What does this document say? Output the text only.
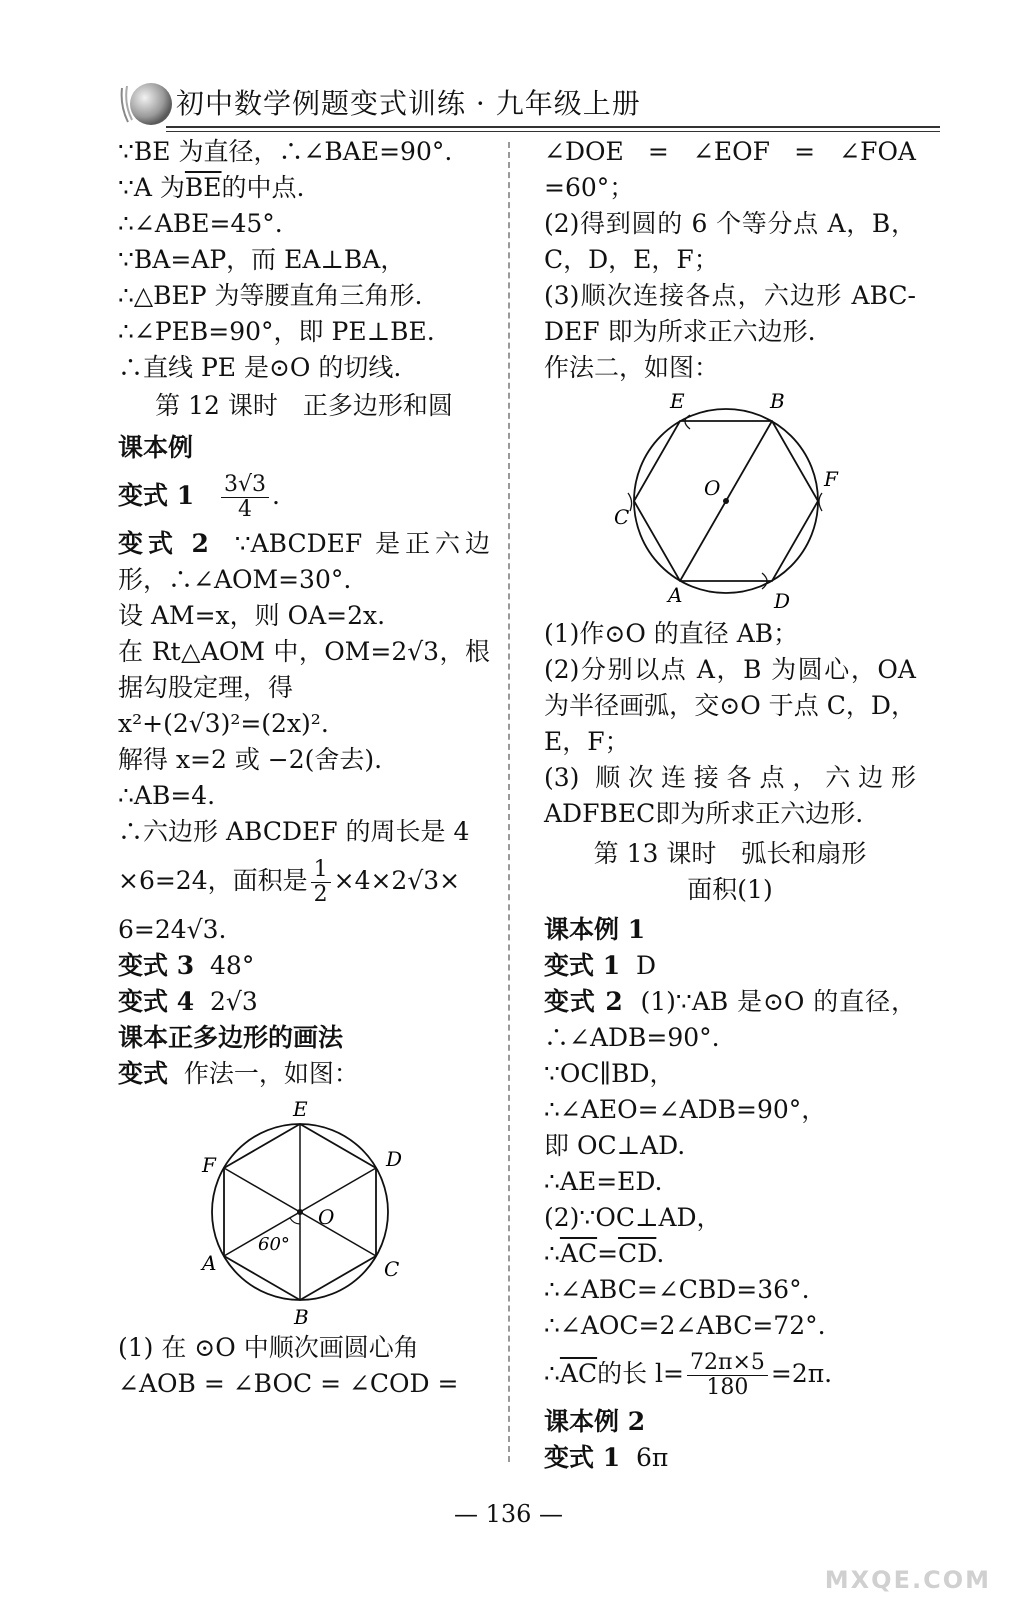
初中数学例题变式训练 · 九年级上册

∵BE 为直径，∴∠BAE=90°.

∵A 为$\overline{BE}$的中点.

∴∠ABE=45°.

∵BA=AP，而 EA⊥BA，

∴△BEP 为等腰直角三角形.

∴∠PEB=90°，即 PE⊥BE.

∴直线 PE 是⊙O 的切线.

第 12 课时　正多边形和圆

课本例

变式 $1 \frac{3√3}{4}$ .

变式 2 ∵ABCDEF 是正六边形，∴∠AOM=30°.

设 AM=x，则 OA=2x.

在 Rt△AOM 中，OM=2√3，根据勾股定理，得

x²+(2√3)²=(2x)².

解得 x=2 或 −2(舍去).

∴AB=4.

∴六边形 ABCDEF 的周长是 4

×6=24，面积是 $\frac{1}{2} \times 4\times 2√3\times$

6=24√3.

变式 3 48°

变式 4 2√3

课本正多边形的画法

变式 作法一，如图：

E
D
F
O
A	C
B
60°

(1) 在 ⊙O 中顺次画圆心角

∠AOB = ∠BOC = ∠COD =

∠DOE = ∠EOF = ∠FOA =60°；

(2)得到圆的 6 个等分点 A，B，C，D，E，F；

(3)顺次连接各点，六边形 ABC-DEF 即为所求正六边形.

作法二，如图：

E	B
O	F
C
A	D

(1)作⊙O 的直径 AB；

(2)分别以点 A，B 为圆心，OA 为半径画弧，交⊙O 于点 C，D，E，F；

(3) 顺次连接各点，六边形 ADFBEC即为所求正六边形.

第 13 课时　弧长和扇形

面积(1)

课本例 1

变式 1 D

变式 2 (1)∵AB 是⊙O 的直径，∴∠ADB=90°.

∵OC∥BD，

∴∠AEO=∠ADB=90°，

即 OC⊥AD.

∴AE=ED.

(2)∵OC⊥AD，

$\therefore\overline{AC}=\overline{CD}$.

∴∠ABC=∠CBD=36°.

∴∠AOC=2∠ABC=72°.

$\therefore\overline{AC}$的长 $l= \frac{72\pi\times 5}{180} =2\pi$.

课本例 2

变式 1 6π

— 136 —
MXQE.COM
